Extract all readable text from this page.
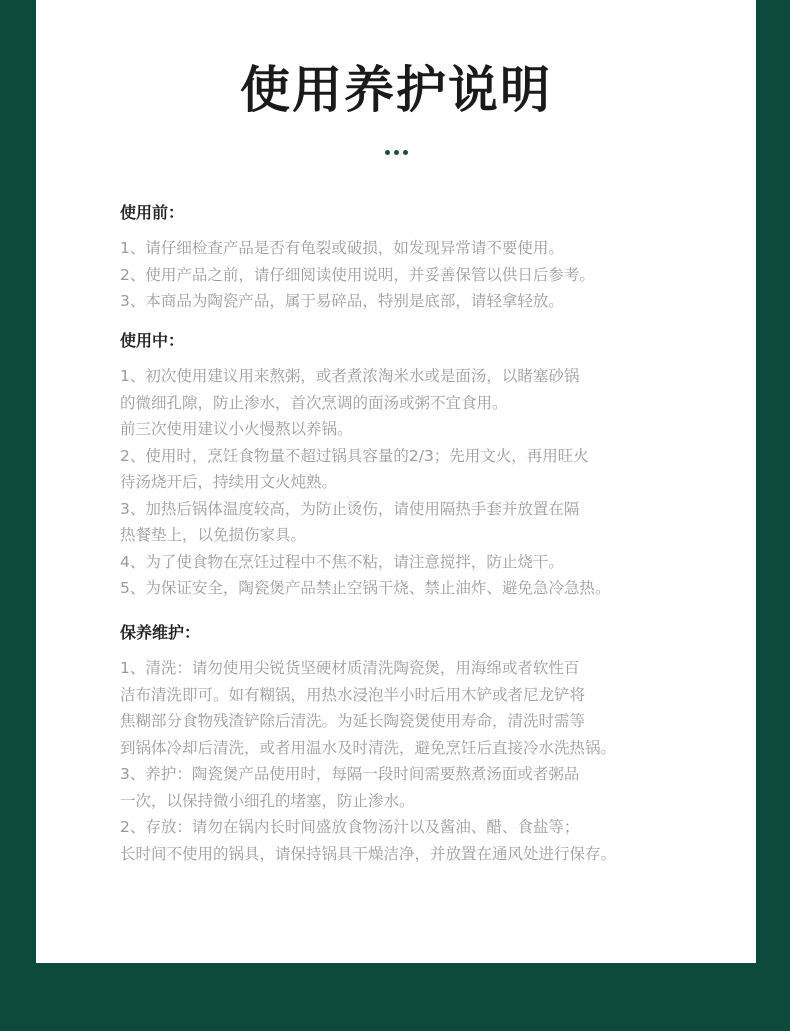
使用养护说明
使用前：
1、请仔细检查产品是否有龟裂或破损，如发现异常请不要使用。
2、使用产品之前，请仔细阅读使用说明，并妥善保管以供日后参考。
3、本商品为陶瓷产品，属于易碎品，特别是底部，请轻拿轻放。
使用中：
1、初次使用建议用来熬粥，或者煮浓淘米水或是面汤，以睹塞砂锅
的微细孔隙，防止渗水，首次烹调的面汤或粥不宜食用。
前三次使用建议小火慢熬以养锅。
2、使用时，烹饪食物量不超过锅具容量的2/3；先用文火，再用旺火
待汤烧开后，持续用文火炖熟。
3、加热后锅体温度较高，为防止烫伤，请使用隔热手套并放置在隔
热餐垫上，以免损伤家具。
4、为了使食物在烹饪过程中不焦不粘，请注意搅拌，防止烧干。
5、为保证安全，陶瓷煲产品禁止空锅干烧、禁止油炸、避免急冷急热。
保养维护：
1、清洗：请勿使用尖锐货坚硬材质清洗陶瓷煲，用海绵或者软性百
洁布清洗即可。如有糊锅，用热水浸泡半小时后用木铲或者尼龙铲将
焦糊部分食物残渣铲除后清洗。为延长陶瓷煲使用寿命，清洗时需等
到锅体冷却后清洗，或者用温水及时清洗，避免烹饪后直接冷水洗热锅。
3、养护：陶瓷煲产品使用时，每隔一段时间需要熬煮汤面或者粥品
一次，以保持微小细孔的堵塞，防止渗水。
2、存放：请勿在锅内长时间盛放食物汤汁以及酱油、醋、食盐等；
长时间不使用的锅具，请保持锅具干燥洁净，并放置在通风处进行保存。
